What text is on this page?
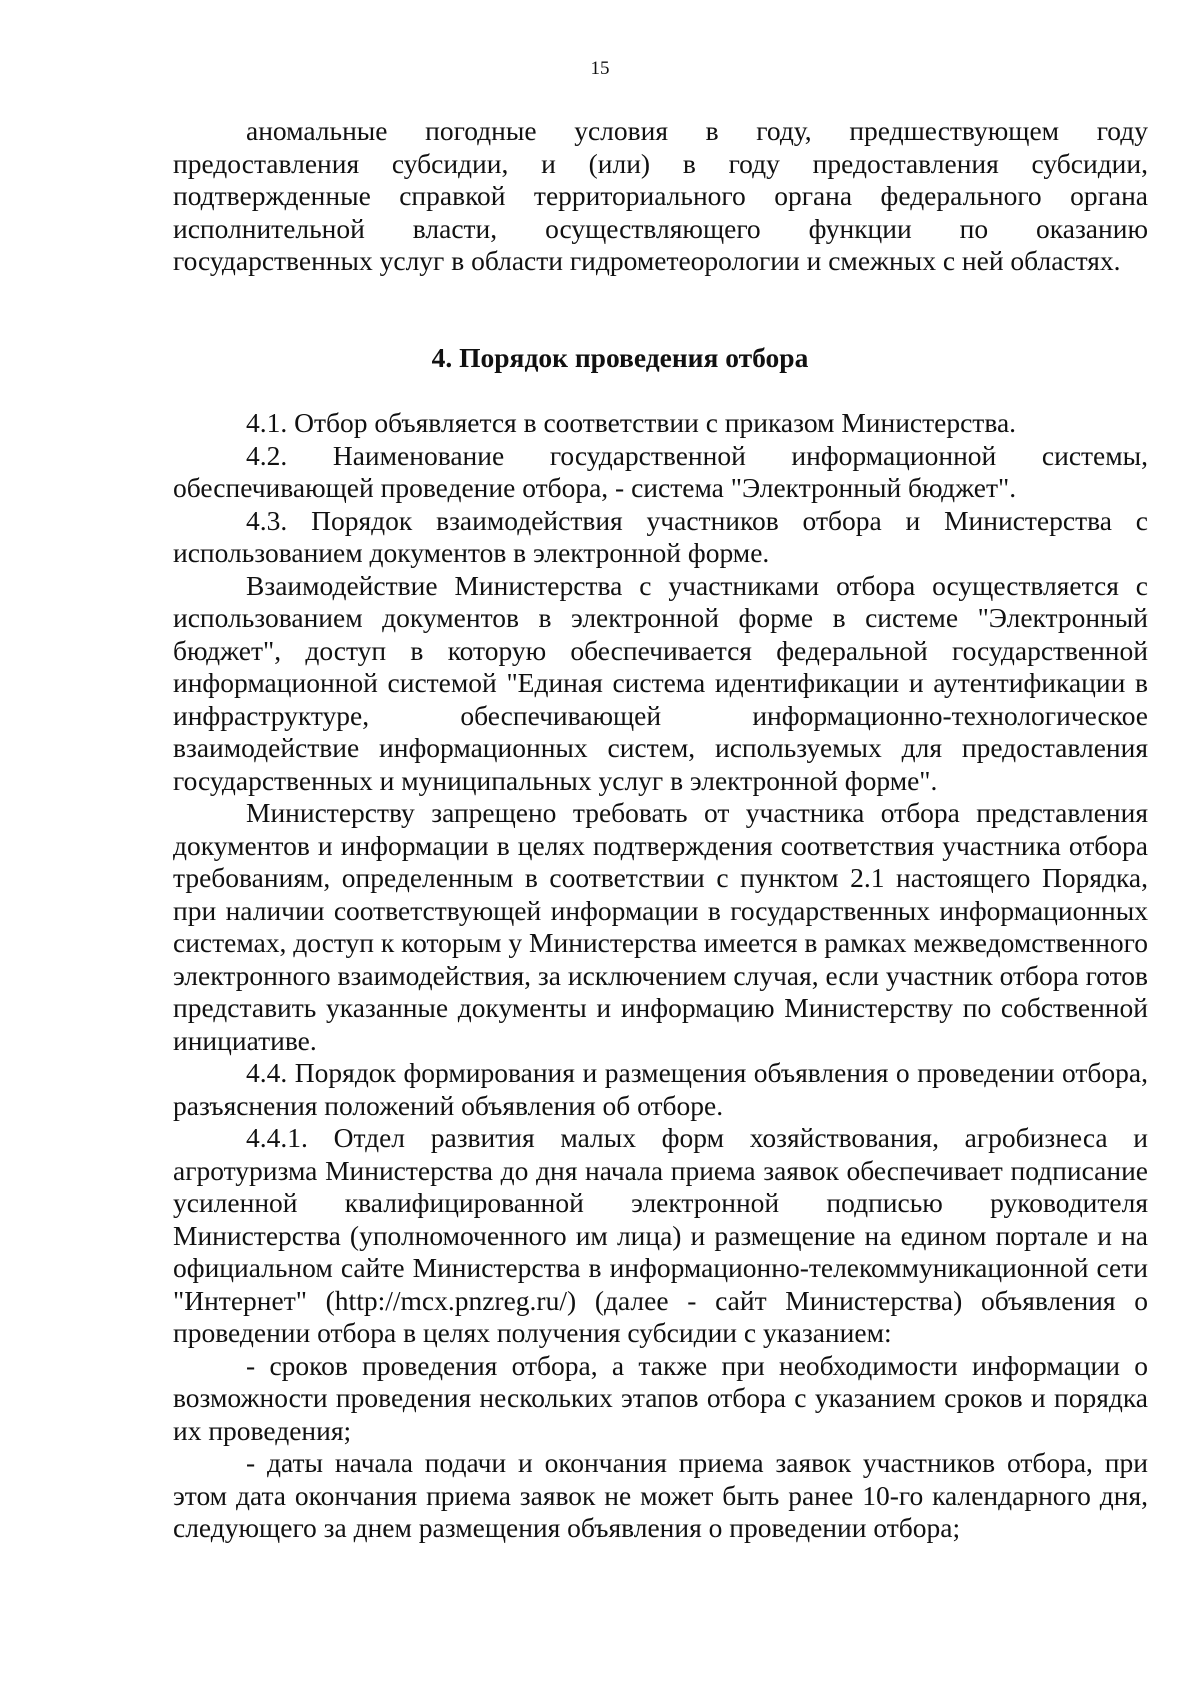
15

аномальные погодные условия в году, предшествующем году предоставления субсидии, и (или) в году предоставления субсидии, подтвержденные справкой территориального органа федерального органа исполнительной власти, осуществляющего функции по оказанию государственных услуг в области гидрометеорологии и смежных с ней областях.

4. Порядок проведения отбора

4.1. Отбор объявляется в соответствии с приказом Министерства.

4.2. Наименование государственной информационной системы, обеспечивающей проведение отбора, - система "Электронный бюджет".

4.3. Порядок взаимодействия участников отбора и Министерства с использованием документов в электронной форме.

Взаимодействие Министерства с участниками отбора осуществляется с использованием документов в электронной форме в системе "Электронный бюджет", доступ в которую обеспечивается федеральной государственной информационной системой "Единая система идентификации и аутентификации в инфраструктуре, обеспечивающей информационно-технологическое взаимодействие информационных систем, используемых для предоставления государственных и муниципальных услуг в электронной форме".

Министерству запрещено требовать от участника отбора представления документов и информации в целях подтверждения соответствия участника отбора требованиям, определенным в соответствии с пунктом 2.1 настоящего Порядка, при наличии соответствующей информации в государственных информационных системах, доступ к которым у Министерства имеется в рамках межведомственного электронного взаимодействия, за исключением случая, если участник отбора готов представить указанные документы и информацию Министерству по собственной инициативе.

4.4. Порядок формирования и размещения объявления о проведении отбора, разъяснения положений объявления об отборе.

4.4.1. Отдел развития малых форм хозяйствования, агробизнеса и агротуризма Министерства до дня начала приема заявок обеспечивает подписание усиленной квалифицированной электронной подписью руководителя Министерства (уполномоченного им лица) и размещение на едином портале и на официальном сайте Министерства в информационно-телекоммуникационной сети "Интернет" (http://mcx.pnzreg.ru/) (далее - сайт Министерства) объявления о проведении отбора в целях получения субсидии с указанием:

- сроков проведения отбора, а также при необходимости информации о возможности проведения нескольких этапов отбора с указанием сроков и порядка их проведения;

- даты начала подачи и окончания приема заявок участников отбора, при этом дата окончания приема заявок не может быть ранее 10-го календарного дня, следующего за днем размещения объявления о проведении отбора;
